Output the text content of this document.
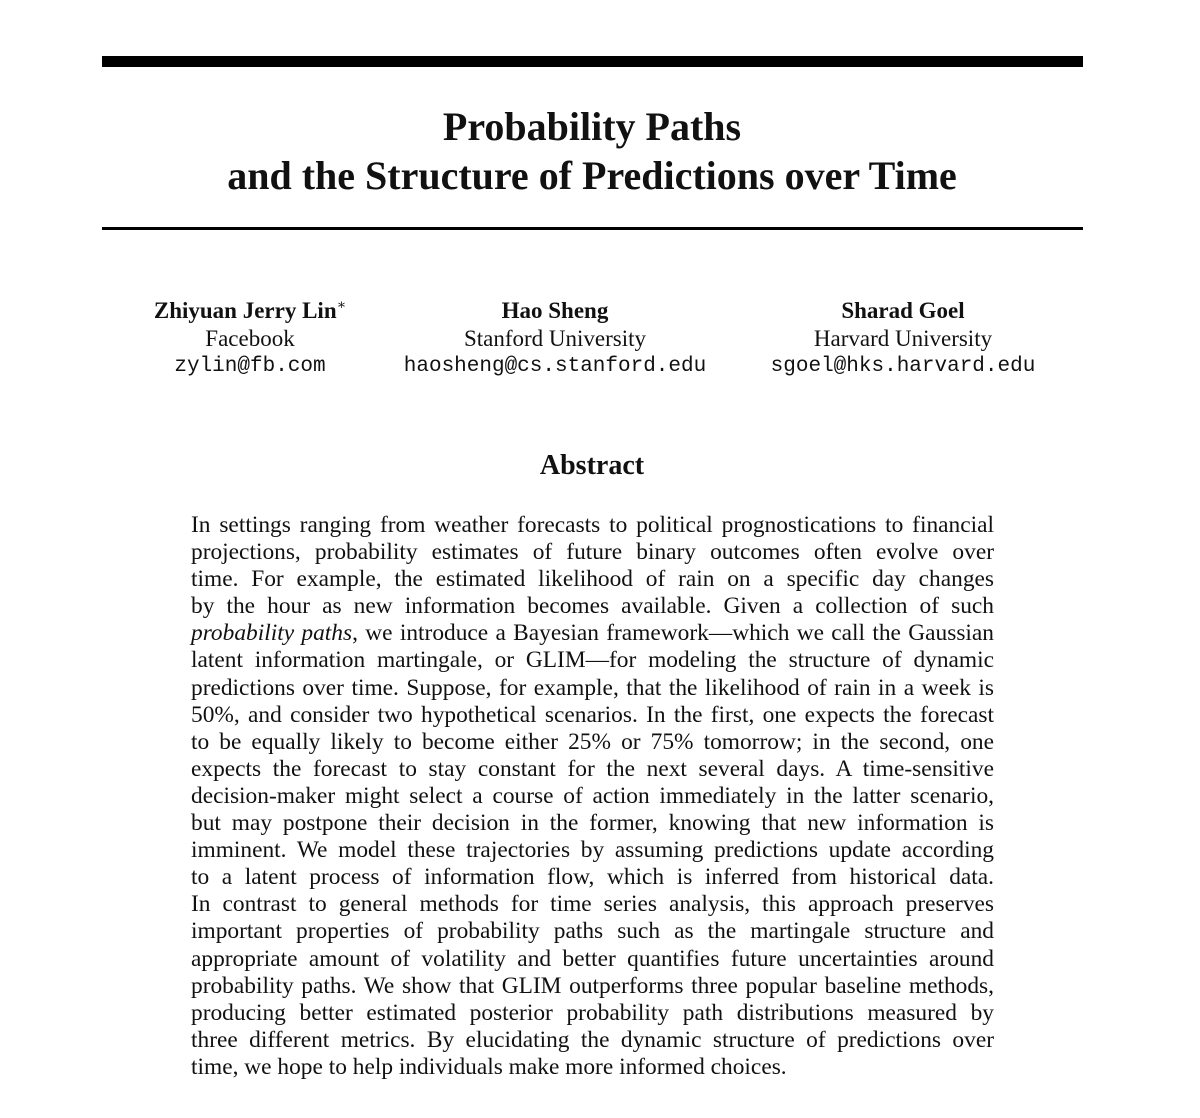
Probability Paths
and the Structure of Predictions over Time
Zhiyuan Jerry Lin∗
Facebook
zylin@fb.com
Hao Sheng
Stanford University
haosheng@cs.stanford.edu
Sharad Goel
Harvard University
sgoel@hks.harvard.edu
Abstract
In settings ranging from weather forecasts to political prognostications to financial
projections, probability estimates of future binary outcomes often evolve over
time. For example, the estimated likelihood of rain on a specific day changes
by the hour as new information becomes available. Given a collection of such
probability paths, we introduce a Bayesian framework—which we call the Gaussian
latent information martingale, or GLIM—for modeling the structure of dynamic
predictions over time. Suppose, for example, that the likelihood of rain in a week is
50%, and consider two hypothetical scenarios. In the first, one expects the forecast
to be equally likely to become either 25% or 75% tomorrow; in the second, one
expects the forecast to stay constant for the next several days. A time-sensitive
decision-maker might select a course of action immediately in the latter scenario,
but may postpone their decision in the former, knowing that new information is
imminent. We model these trajectories by assuming predictions update according
to a latent process of information flow, which is inferred from historical data.
In contrast to general methods for time series analysis, this approach preserves
important properties of probability paths such as the martingale structure and
appropriate amount of volatility and better quantifies future uncertainties around
probability paths. We show that GLIM outperforms three popular baseline methods,
producing better estimated posterior probability path distributions measured by
three different metrics. By elucidating the dynamic structure of predictions over
time, we hope to help individuals make more informed choices.
